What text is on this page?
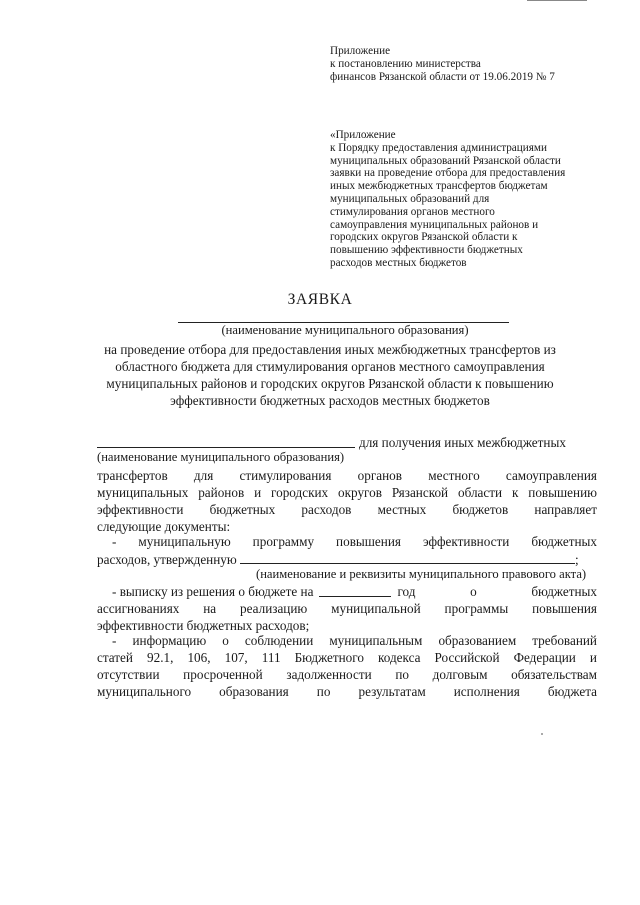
Приложение
к постановлению министерства
финансов Рязанской области от 19.06.2019 № 7
«Приложение
к Порядку предоставления администрациями
муниципальных образований Рязанской области
заявки на проведение отбора для предоставления
иных межбюджетных трансфертов бюджетам
муниципальных образований для
стимулирования органов местного
самоуправления муниципальных районов и
городских округов Рязанской области к
повышению эффективности бюджетных
расходов местных бюджетов
ЗАЯВКА
(наименование муниципального образования)
на проведение отбора для предоставления иных межбюджетных трансфертов из
областного бюджета для стимулирования органов местного самоуправления
муниципальных районов и городских округов Рязанской области к повышению
эффективности бюджетных расходов местных бюджетов
для получения иных межбюджетных
(наименование муниципального образования)
трансфертов для стимулирования органов местного самоуправления
муниципальных районов и городских округов Рязанской области к повышению
эффективности бюджетных расходов местных бюджетов направляет
следующие документы:
- муниципальную программу повышения эффективности бюджетных
расходов, утвержденную	;
(наименование и реквизиты муниципального правового акта)
- выписку из решения о бюджете на	год о бюджетных
ассигнованиях на реализацию муниципальной программы повышения
эффективности бюджетных расходов;
- информацию о соблюдении муниципальным образованием требований
статей 92.1, 106, 107, 111 Бюджетного кодекса Российской Федерации и
отсутствии просроченной задолженности по долговым обязательствам
муниципального образования по результатам исполнения бюджета
